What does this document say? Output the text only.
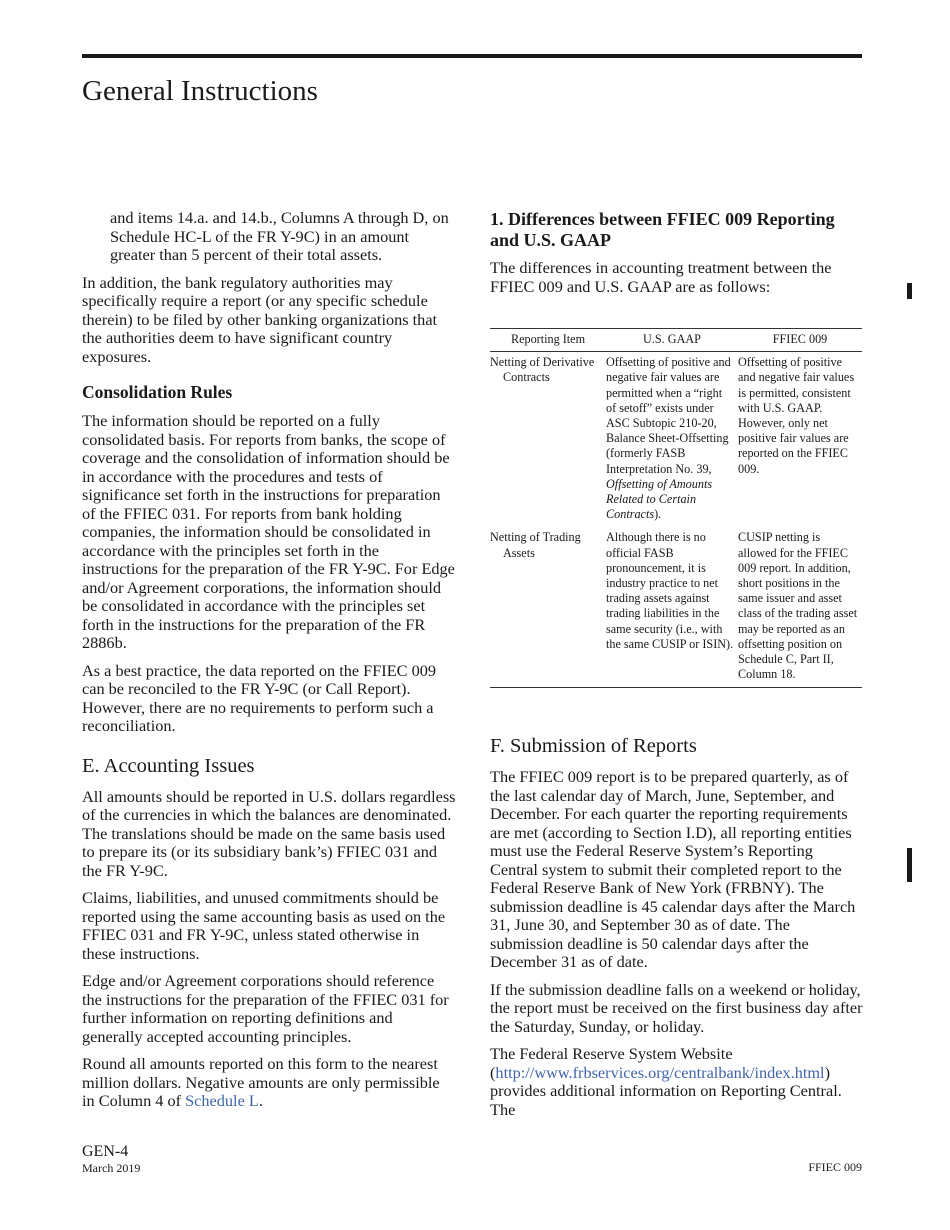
General Instructions

and items 14.a. and 14.b., Columns A through D, on Schedule HC-L of the FR Y-9C) in an amount greater than 5 percent of their total assets.

In addition, the bank regulatory authorities may specifically require a report (or any specific schedule therein) to be filed by other banking organizations that the authorities deem to have significant country exposures.

Consolidation Rules

The information should be reported on a fully consolidated basis. For reports from banks, the scope of coverage and the consolidation of information should be in accordance with the procedures and tests of significance set forth in the instructions for preparation of the FFIEC 031. For reports from bank holding companies, the information should be consolidated in accordance with the principles set forth in the instructions for the preparation of the FR Y-9C. For Edge and/or Agreement corporations, the information should be consolidated in accordance with the principles set forth in the instructions for the preparation of the FR 2886b.

As a best practice, the data reported on the FFIEC 009 can be reconciled to the FR Y-9C (or Call Report). However, there are no requirements to perform such a reconciliation.

E. Accounting Issues

All amounts should be reported in U.S. dollars regardless of the currencies in which the balances are denominated. The translations should be made on the same basis used to prepare its (or its subsidiary bank’s) FFIEC 031 and the FR Y-9C.

Claims, liabilities, and unused commitments should be reported using the same accounting basis as used on the FFIEC 031 and FR Y-9C, unless stated otherwise in these instructions.

Edge and/or Agreement corporations should reference the instructions for the preparation of the FFIEC 031 for further information on reporting definitions and generally accepted accounting principles.

Round all amounts reported on this form to the nearest million dollars. Negative amounts are only permissible in Column 4 of Schedule L.

1. Differences between FFIEC 009 Reporting and U.S. GAAP

The differences in accounting treatment between the FFIEC 009 and U.S. GAAP are as follows:

Reporting Item	U.S. GAAP	FFIEC 009

Netting of Derivative Contracts	Offsetting of positive and negative fair values are permitted when a “right of setoff” exists under ASC Subtopic 210-20, Balance Sheet-Offsetting (formerly FASB Interpretation No. 39, Offsetting of Amounts Related to Certain Contracts).	Offsetting of positive and negative fair values is permitted, consistent with U.S. GAAP. However, only net positive fair values are reported on the FFIEC 009.

Netting of Trading Assets	Although there is no official FASB pronouncement, it is industry practice to net trading assets against trading liabilities in the same security (i.e., with the same CUSIP or ISIN).	CUSIP netting is allowed for the FFIEC 009 report. In addition, short positions in the same issuer and asset class of the trading asset may be reported as an offsetting position on Schedule C, Part II, Column 18.
F. Submission of Reports

The FFIEC 009 report is to be prepared quarterly, as of the last calendar day of March, June, September, and December. For each quarter the reporting requirements are met (according to Section I.D), all reporting entities must use the Federal Reserve System’s Reporting Central system to submit their completed report to the Federal Reserve Bank of New York (FRBNY). The submission deadline is 45 calendar days after the March 31, June 30, and September 30 as of date. The submission deadline is 50 calendar days after the December 31 as of date.

If the submission deadline falls on a weekend or holiday, the report must be received on the first business day after the Saturday, Sunday, or holiday.

The Federal Reserve System Website (http://www.frbservices.org/centralbank/index.html) provides additional information on Reporting Central. The

GEN-4
March 2019	FFIEC 009
